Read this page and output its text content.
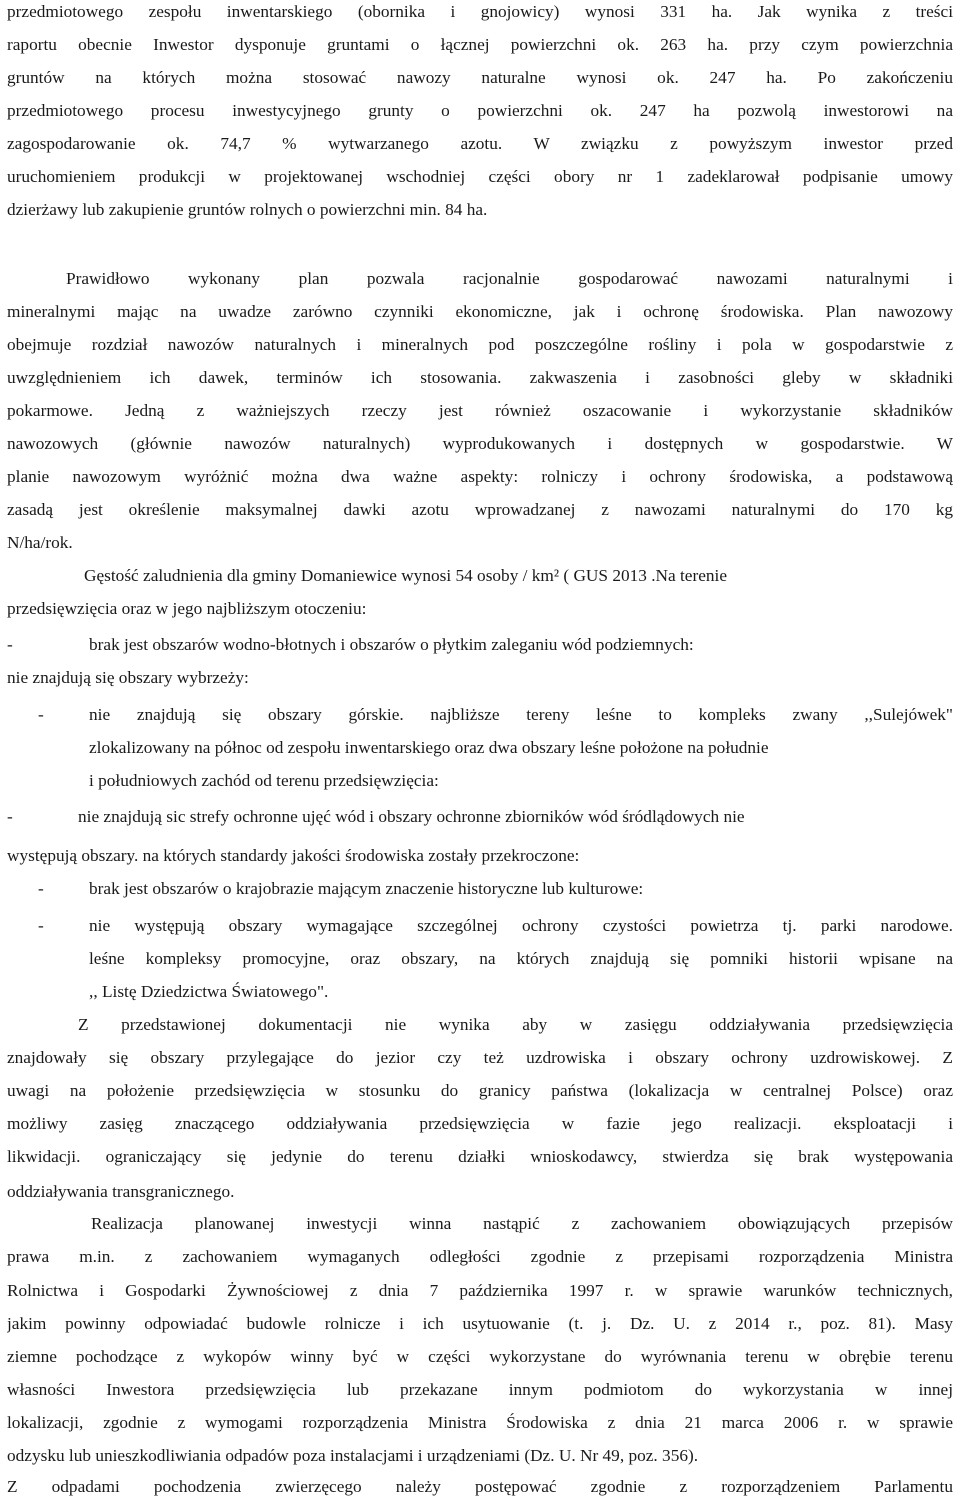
przedmiotowego zespołu inwentarskiego (obornika i gnojowicy) wynosi 331 ha. Jak wynika z treści
raportu obecnie Inwestor dysponuje gruntami o łącznej powierzchni ok. 263 ha. przy czym powierzchnia
gruntów na których można stosować nawozy naturalne wynosi ok. 247 ha. Po zakończeniu
przedmiotowego procesu inwestycyjnego grunty o powierzchni ok. 247 ha pozwolą inwestorowi na
zagospodarowanie ok. 74,7 % wytwarzanego azotu. W związku z powyższym inwestor przed
uruchomieniem produkcji w projektowanej wschodniej części obory nr 1 zadeklarował podpisanie umowy
dzierżawy lub zakupienie gruntów rolnych o powierzchni min. 84 ha.
Prawidłowo wykonany plan pozwala racjonalnie gospodarować nawozami naturalnymi i
mineralnymi mając na uwadze zarówno czynniki ekonomiczne, jak i ochronę środowiska. Plan nawozowy
obejmuje rozdział nawozów naturalnych i mineralnych pod poszczególne rośliny i pola w gospodarstwie z
uwzględnieniem ich dawek, terminów ich stosowania. zakwaszenia i zasobności gleby w składniki
pokarmowe. Jedną z ważniejszych rzeczy jest również oszacowanie i wykorzystanie składników
nawozowych (głównie nawozów naturalnych) wyprodukowanych i dostępnych w gospodarstwie. W
planie nawozowym wyróżnić można dwa ważne aspekty: rolniczy i ochrony środowiska, a podstawową
zasadą jest określenie maksymalnej dawki azotu wprowadzanej z nawozami naturalnymi do 170 kg
N/ha/rok.
Gęstość zaludnienia dla gminy Domaniewice wynosi 54 osoby / km² ( GUS 2013 .Na terenie
przedsięwzięcia oraz w jego najbliższym otoczeniu:
-	brak jest obszarów wodno-błotnych i obszarów o płytkim zaleganiu wód podziemnych:
nie znajdują się obszary wybrzeży:
-	nie znajdują się obszary górskie. najbliższe tereny leśne to kompleks zwany ,,Sulejówek"
zlokalizowany na północ od zespołu inwentarskiego oraz dwa obszary leśne położone na południe
i południowych zachód od terenu przedsięwzięcia:
-	nie znajdują sic strefy ochronne ujęć wód i obszary ochronne zbiorników wód śródlądowych nie
występują obszary. na których standardy jakości środowiska zostały przekroczone:
-	brak jest obszarów o krajobrazie mającym znaczenie historyczne lub kulturowe:
-	nie występują obszary wymagające szczególnej ochrony czystości powietrza tj. parki narodowe.
leśne kompleksy promocyjne, oraz obszary, na których znajdują się pomniki historii wpisane na
,, Listę Dziedzictwa Światowego".
Z przedstawionej dokumentacji nie wynika aby w zasięgu oddziaływania przedsięwzięcia
znajdowały się obszary przylegające do jezior czy też uzdrowiska i obszary ochrony uzdrowiskowej. Z
uwagi na położenie przedsięwzięcia w stosunku do granicy państwa (lokalizacja w centralnej Polsce) oraz
możliwy zasięg znaczącego oddziaływania przedsięwzięcia w fazie jego realizacji. eksploatacji i
likwidacji. ograniczający się jedynie do terenu działki wnioskodawcy, stwierdza się brak występowania
oddziaływania transgranicznego.
Realizacja planowanej inwestycji winna nastąpić z zachowaniem obowiązujących przepisów
prawa m.in. z zachowaniem wymaganych odległości zgodnie z przepisami rozporządzenia Ministra
Rolnictwa i Gospodarki Żywnościowej z dnia 7 października 1997 r. w sprawie warunków technicznych,
jakim powinny odpowiadać budowle rolnicze i ich usytuowanie (t. j. Dz. U. z 2014 r., poz. 81). Masy
ziemne pochodzące z wykopów winny być w części wykorzystane do wyrównania terenu w obrębie terenu
własności Inwestora przedsięwzięcia lub przekazane innym podmiotom do wykorzystania w innej
lokalizacji, zgodnie z wymogami rozporządzenia Ministra Środowiska z dnia 21 marca 2006 r. w sprawie
odzysku lub unieszkodliwiania odpadów poza instalacjami i urządzeniami (Dz. U. Nr 49, poz. 356).
Z odpadami pochodzenia zwierzęcego należy postępować zgodnie z rozporządzeniem Parlamentu
